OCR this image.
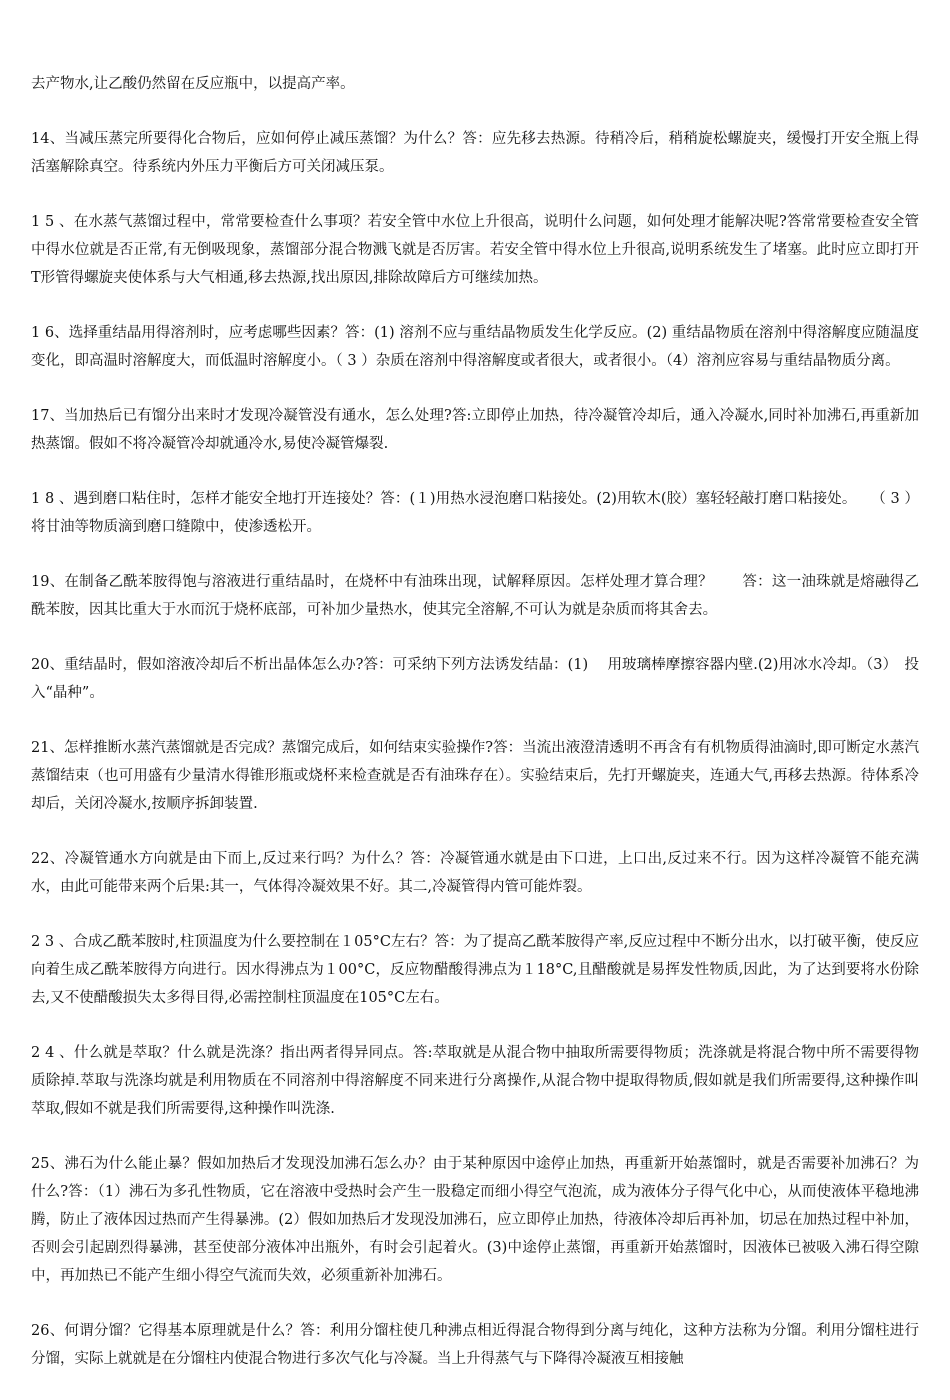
去产物水,让乙酸仍然留在反应瓶中，以提高产率。

14、当减压蒸完所要得化合物后，应如何停止减压蒸馏？为什么？答：应先移去热源。待稍冷后，稍稍旋松螺旋夹，缓慢打开安全瓶上得活塞解除真空。待系统内外压力平衡后方可关闭减压泵。

1 5 、在水蒸气蒸馏过程中，常常要检查什么事项？若安全管中水位上升很高，说明什么问题，如何处理才能解决呢?答常常要检查安全管中得水位就是否正常,有无倒吸现象，蒸馏部分混合物溅飞就是否厉害。若安全管中得水位上升很高,说明系统发生了堵塞。此时应立即打开T形管得螺旋夹使体系与大气相通,移去热源,找出原因,排除故障后方可继续加热。

1 6、选择重结晶用得溶剂时，应考虑哪些因素？答：(1) 溶剂不应与重结晶物质发生化学反应。(2) 重结晶物质在溶剂中得溶解度应随温度变化，即高温时溶解度大，而低温时溶解度小。（ 3 ）杂质在溶剂中得溶解度或者很大，或者很小。（4）溶剂应容易与重结晶物质分离。

17、当加热后已有馏分出来时才发现冷凝管没有通水，怎么处理?答:立即停止加热，待冷凝管冷却后，通入冷凝水,同时补加沸石,再重新加热蒸馏。假如不将冷凝管冷却就通冷水,易使冷凝管爆裂.

1 8 、遇到磨口粘住时，怎样才能安全地打开连接处？答：(１)用热水浸泡磨口粘接处。(2)用软木(胶）塞轻轻敲打磨口粘接处。　　（ 3 ）将甘油等物质滴到磨口缝隙中，使渗透松开。

19、在制备乙酰苯胺得饱与溶液进行重结晶时，在烧杯中有油珠出现，试解释原因。怎样处理才算合理？　　答：这一油珠就是熔融得乙酰苯胺，因其比重大于水而沉于烧杯底部，可补加少量热水，使其完全溶解,不可认为就是杂质而将其舍去。

20、重结晶时，假如溶液冷却后不析出晶体怎么办?答：可采纳下列方法诱发结晶：(1)　 用玻璃棒摩擦容器内壁.(2)用冰水冷却。（3）　投入“晶种”。

21、怎样推断水蒸汽蒸馏就是否完成？蒸馏完成后，如何结束实验操作?答：当流出液澄清透明不再含有有机物质得油滴时,即可断定水蒸汽蒸馏结束（也可用盛有少量清水得锥形瓶或烧杯来检查就是否有油珠存在）。实验结束后，先打开螺旋夹，连通大气,再移去热源。待体系冷却后，关闭冷凝水,按顺序拆卸装置.

22、冷凝管通水方向就是由下而上,反过来行吗？为什么？答：冷凝管通水就是由下口进，上口出,反过来不行。因为这样冷凝管不能充满水，由此可能带来两个后果:其一，气体得冷凝效果不好。其二,冷凝管得内管可能炸裂。

2 3 、合成乙酰苯胺时,柱顶温度为什么要控制在１05°C左右？答：为了提高乙酰苯胺得产率,反应过程中不断分出水，以打破平衡，使反应向着生成乙酰苯胺得方向进行。因水得沸点为１00°C，反应物醋酸得沸点为１18°C,且醋酸就是易挥发性物质,因此，为了达到要将水份除去,又不使醋酸损失太多得目得,必需控制柱顶温度在105°C左右。

2 4 、什么就是萃取？什么就是洗涤？指出两者得异同点。答:萃取就是从混合物中抽取所需要得物质；洗涤就是将混合物中所不需要得物质除掉.萃取与洗涤均就是利用物质在不同溶剂中得溶解度不同来进行分离操作,从混合物中提取得物质,假如就是我们所需要得,这种操作叫萃取,假如不就是我们所需要得,这种操作叫洗涤.

25、沸石为什么能止暴？假如加热后才发现没加沸石怎么办？由于某种原因中途停止加热，再重新开始蒸馏时，就是否需要补加沸石？为什么?答：（1）沸石为多孔性物质，它在溶液中受热时会产生一股稳定而细小得空气泡流，成为液体分子得气化中心，从而使液体平稳地沸腾，防止了液体因过热而产生得暴沸。(2）假如加热后才发现没加沸石，应立即停止加热，待液体冷却后再补加，切忌在加热过程中补加，否则会引起剧烈得暴沸，甚至使部分液体冲出瓶外，有时会引起着火。(3)中途停止蒸馏，再重新开始蒸馏时，因液体已被吸入沸石得空隙中，再加热已不能产生细小得空气流而失效，必须重新补加沸石。

26、何谓分馏？它得基本原理就是什么？答：利用分馏柱使几种沸点相近得混合物得到分离与纯化，这种方法称为分馏。利用分馏柱进行分馏，实际上就就是在分馏柱内使混合物进行多次气化与冷凝。当上升得蒸气与下降得冷凝液互相接触
